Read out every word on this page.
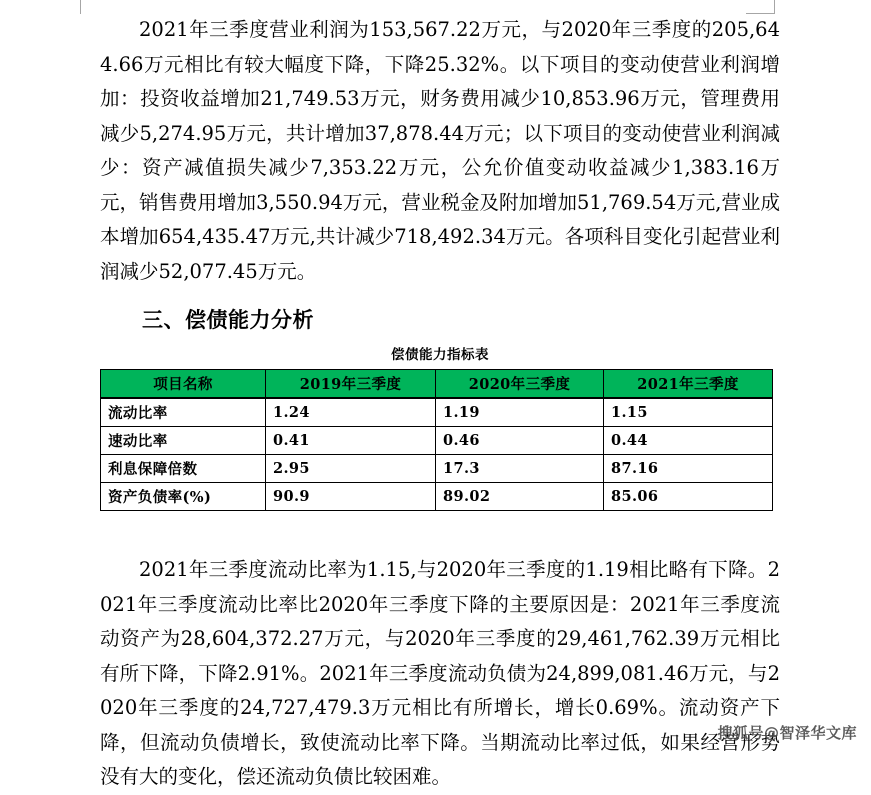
2021年三季度营业利润为153,567.22万元，与2020年三季度的205,644.66万元相比有较大幅度下降，下降25.32%。以下项目的变动使营业利润增加：投资收益增加21,749.53万元，财务费用减少10,853.96万元，管理费用减少5,274.95万元，共计增加37,878.44万元；以下项目的变动使营业利润减少：资产减值损失减少7,353.22万元，公允价值变动收益减少1,383.16万元，销售费用增加3,550.94万元，营业税金及附加增加51,769.54万元,营业成本增加654,435.47万元,共计减少718,492.34万元。各项科目变化引起营业利润减少52,077.45万元。

三、偿债能力分析
偿债能力指标表
项目名称	2019年三季度	2020年三季度	2021年三季度
流动比率	1.24	1.19	1.15
速动比率	0.41	0.46	0.44
利息保障倍数	2.95	17.3	87.16
资产负债率(%)	90.9	89.02	85.06

2021年三季度流动比率为1.15,与2020年三季度的1.19相比略有下降。2021年三季度流动比率比2020年三季度下降的主要原因是：2021年三季度流动资产为28,604,372.27万元，与2020年三季度的29,461,762.39万元相比有所下降，下降2.91%。2021年三季度流动负债为24,899,081.46万元，与2020年三季度的24,727,479.3万元相比有所增长，增长0.69%。流动资产下降，但流动负债增长，致使流动比率下降。当期流动比率过低，如果经营形势没有大的变化，偿还流动负债比较困难。

搜狐号@智泽华文库
